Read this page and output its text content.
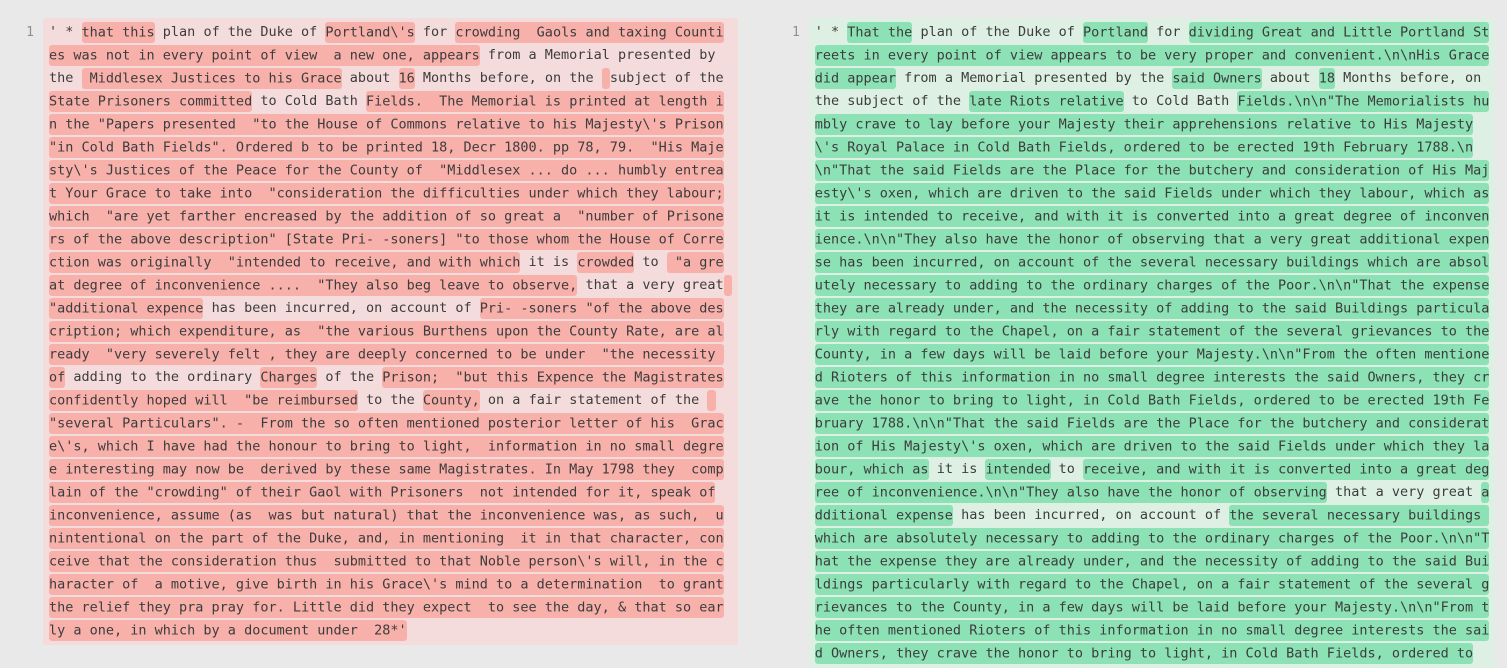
1 ' * that this plan of the Duke of Portland\'s for crowding  Gaols and taxing Counti
es was not in every point of view  a new one, appears from a Memorial presented by
the  Middlesex Justices to his Grace about 16 Months before, on the  subject of the
State Prisoners committed to Cold Bath Fields.  The Memorial is printed at length i
n the "Papers presented  "to the House of Commons relative to his Majesty\'s Prison
"in Cold Bath Fields". Ordered b to be printed 18, Decr 1800. pp 78, 79.  "His Maje
sty\'s Justices of the Peace for the County of  "Middlesex ... do ... humbly entrea
t Your Grace to take into  "consideration the difficulties under which they labour;
which  "are yet farther encreased by the addition of so great a  "number of Prisone
rs of the above description" [State Pri- -soners] "to those whom the House of Corre
ction was originally  "intended to receive, and with which it is crowded to  "a gre
at degree of inconvenience ....  "They also beg leave to observe, that a very great
"additional expence has been incurred, on account of Pri- -soners "of the above des
cription; which expenditure, as  "the various Burthens upon the County Rate, are al
ready  "very severely felt , they are deeply concerned to be under  "the necessity
of adding to the ordinary Charges of the Prison;  "but this Expence the Magistrates
confidently hoped will  "be reimbursed to the County, on a fair statement of the
"several Particulars". -  From the so often mentioned posterior letter of his  Grac
e\'s, which I have had the honour to bring to light,  information in no small degre
e interesting may now be  derived by these same Magistrates. In May 1798 they  comp
lain of the "crowding" of their Gaol with Prisoners  not intended for it, speak of
inconvenience, assume (as  was but natural) that the inconvenience was, as such,  u
nintentional on the part of the Duke, and, in mentioning  it in that character, con
ceive that the consideration thus  submitted to that Noble person\'s will, in the c
haracter of  a motive, give birth in his Grace\'s mind to a determination  to grant
the relief they pra pray for. Little did they expect  to see the day, & that so ear
ly a one, in which by a document under  28*'
1 ' * That the plan of the Duke of Portland for dividing Great and Little Portland St
reets in every point of view appears to be very proper and convenient.\n\nHis Grace
did appear from a Memorial presented by the said Owners about 18 Months before, on
the subject of the late Riots relative to Cold Bath Fields.\n\n"The Memorialists hu
mbly crave to lay before your Majesty their apprehensions relative to His Majesty
\'s Royal Palace in Cold Bath Fields, ordered to be erected 19th February 1788.\n
\n"That the said Fields are the Place for the butchery and consideration of His Maj
esty\'s oxen, which are driven to the said Fields under which they labour, which as
it is intended to receive, and with it is converted into a great degree of inconven
ience.\n\n"They also have the honor of observing that a very great additional expen
se has been incurred, on account of the several necessary buildings which are absol
utely necessary to adding to the ordinary charges of the Poor.\n\n"That the expense
they are already under, and the necessity of adding to the said Buildings particula
rly with regard to the Chapel, on a fair statement of the several grievances to the
County, in a few days will be laid before your Majesty.\n\n"From the often mentione
d Rioters of this information in no small degree interests the said Owners, they cr
ave the honor to bring to light, in Cold Bath Fields, ordered to be erected 19th Fe
bruary 1788.\n\n"That the said Fields are the Place for the butchery and considerat
ion of His Majesty\'s oxen, which are driven to the said Fields under which they la
bour, which as it is intended to receive, and with it is converted into a great deg
ree of inconvenience.\n\n"They also have the honor of observing that a very great a
dditional expense has been incurred, on account of the several necessary buildings
which are absolutely necessary to adding to the ordinary charges of the Poor.\n\n"T
hat the expense they are already under, and the necessity of adding to the said Bui
ldings particularly with regard to the Chapel, on a fair statement of the several g
rievances to the County, in a few days will be laid before your Majesty.\n\n"From t
he often mentioned Rioters of this information in no small degree interests the sai
d Owners, they crave the honor to bring to light, in Cold Bath Fields, ordered to
